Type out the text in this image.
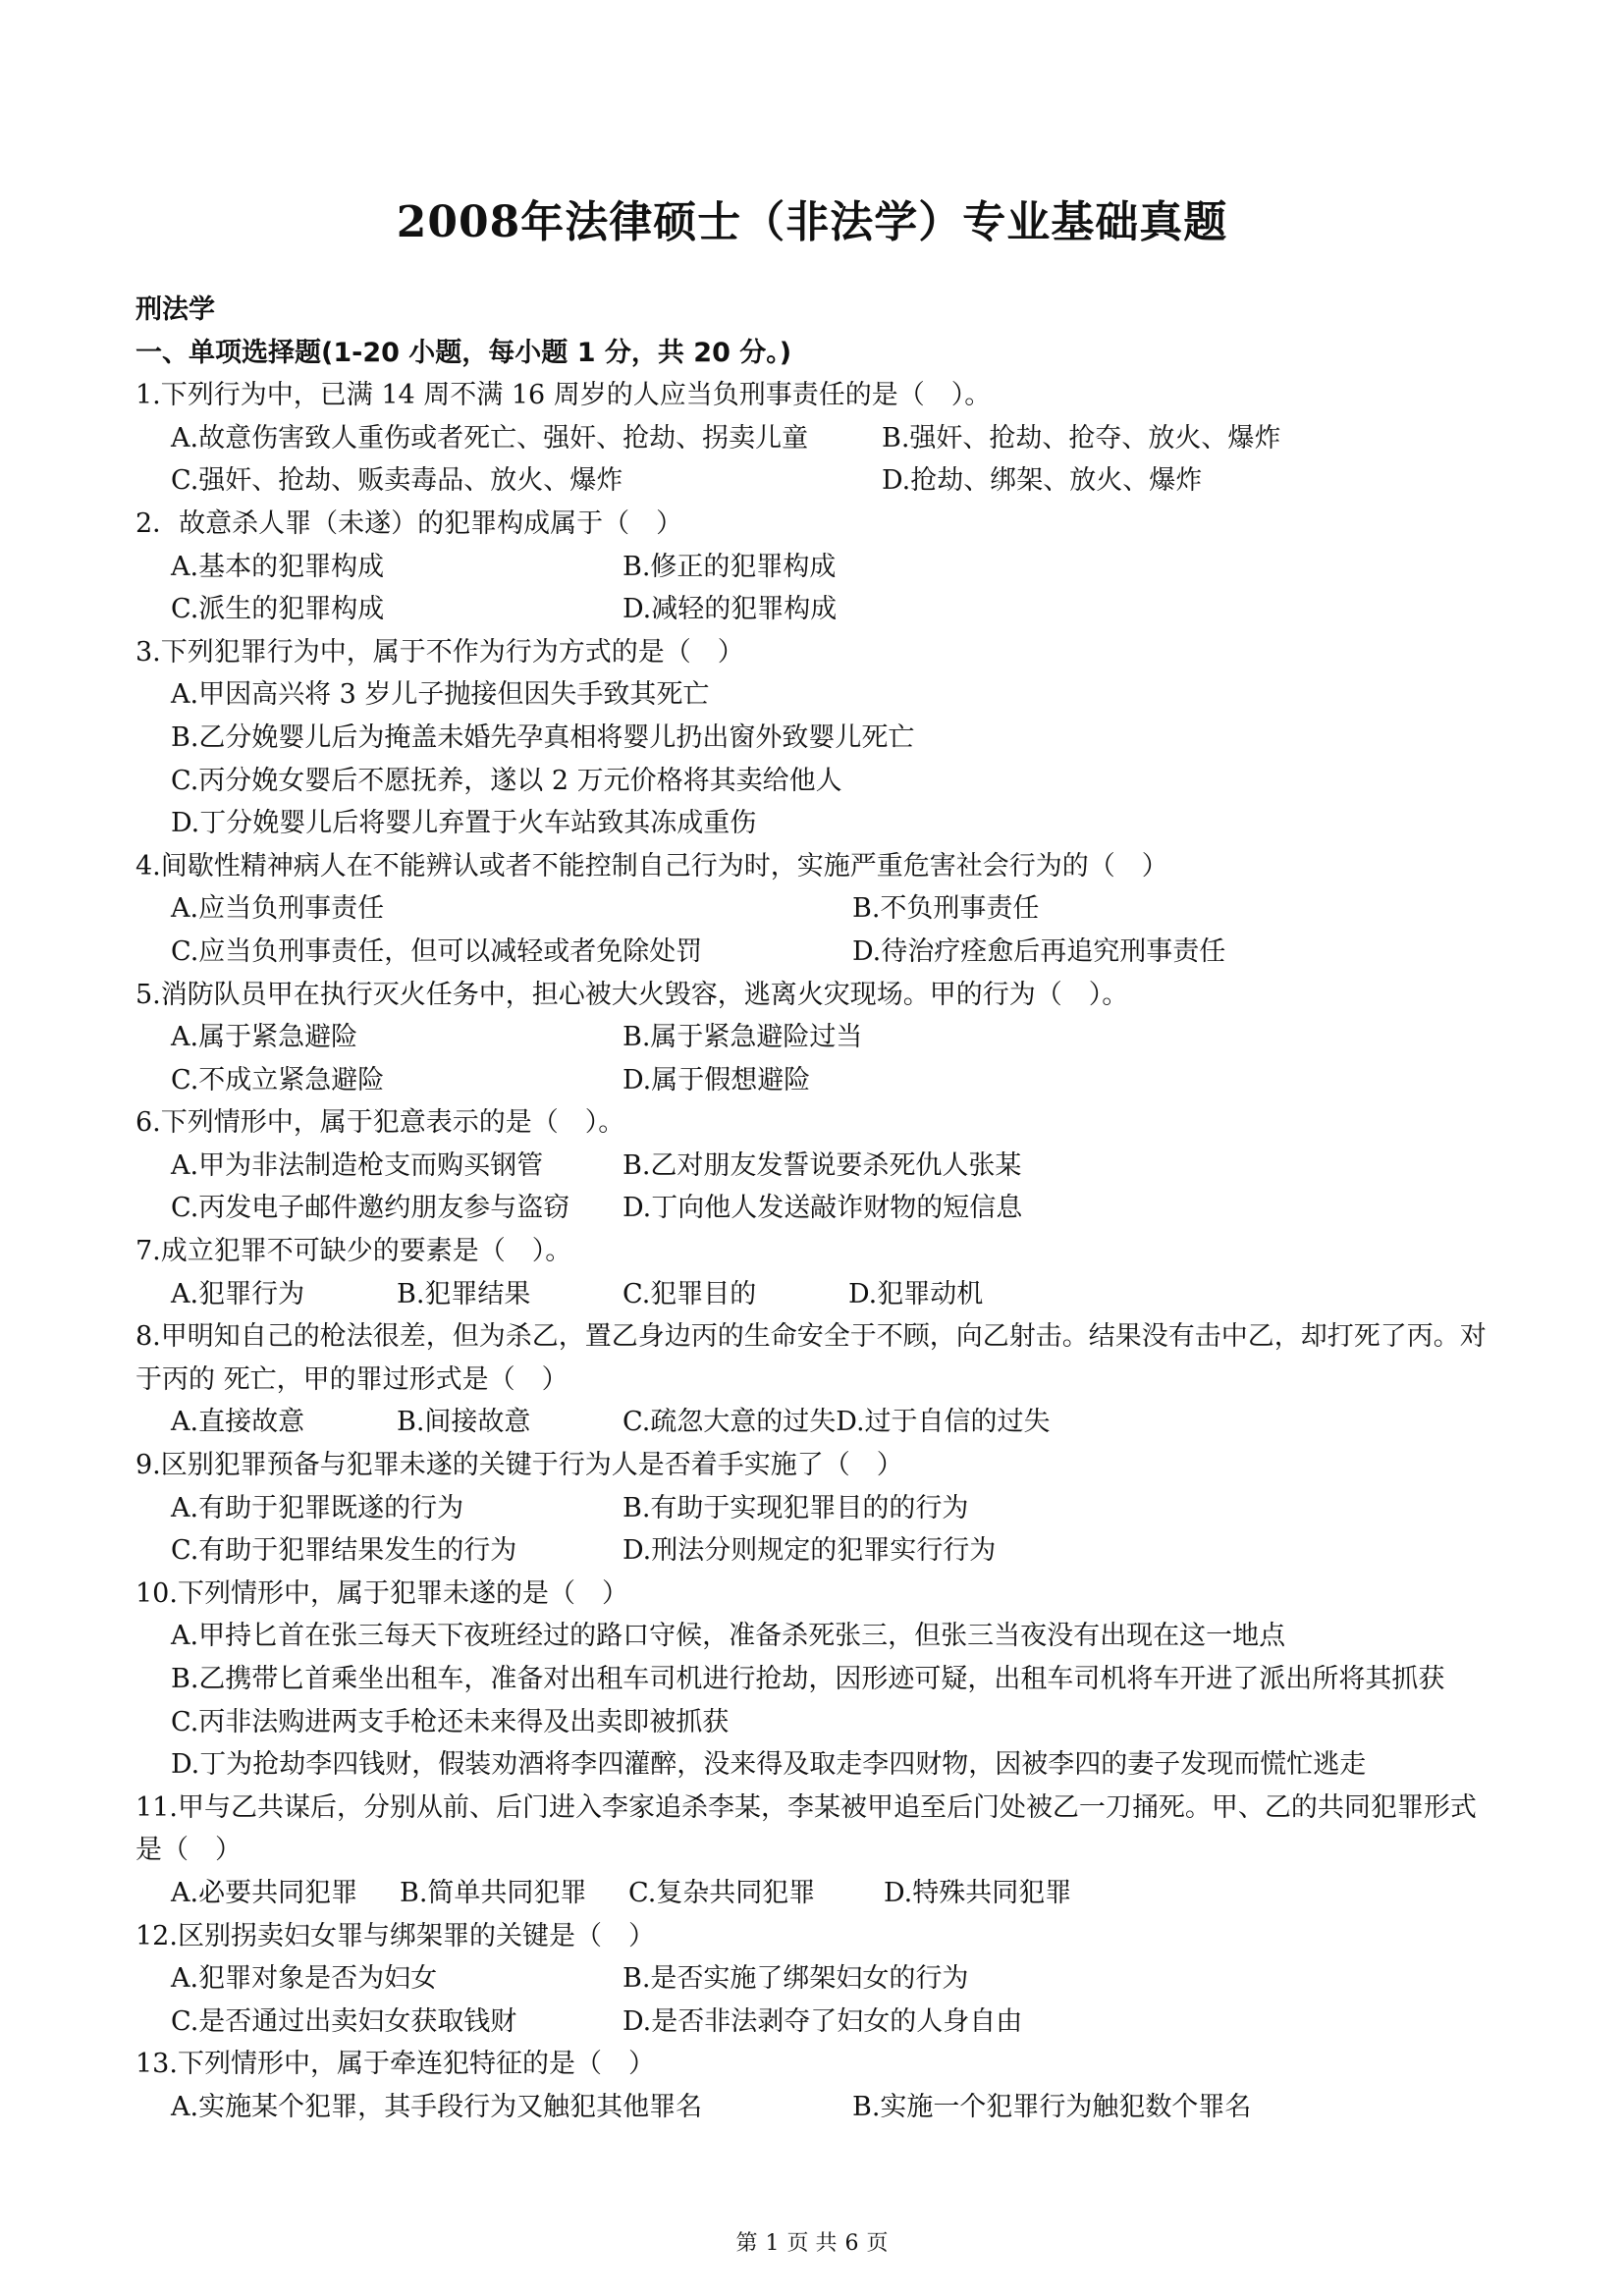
2008年法律硕士（非法学）专业基础真题
刑法学
一、单项选择题(1-20 小题，每小题 1 分，共 20 分。)
1.下列行为中，已满 14 周不满 16 周岁的人应当负刑事责任的是（　）。
A.故意伤害致人重伤或者死亡、强奸、抢劫、拐卖儿童	B.强奸、抢劫、抢夺、放火、爆炸
C.强奸、抢劫、贩卖毒品、放火、爆炸	D.抢劫、绑架、放火、爆炸
2．故意杀人罪（未遂）的犯罪构成属于（　）
A.基本的犯罪构成	B.修正的犯罪构成
C.派生的犯罪构成	D.减轻的犯罪构成
3.下列犯罪行为中，属于不作为行为方式的是（　）
A.甲因高兴将 3 岁儿子抛接但因失手致其死亡
B.乙分娩婴儿后为掩盖未婚先孕真相将婴儿扔出窗外致婴儿死亡
C.丙分娩女婴后不愿抚养，遂以 2 万元价格将其卖给他人
D.丁分娩婴儿后将婴儿弃置于火车站致其冻成重伤
4.间歇性精神病人在不能辨认或者不能控制自己行为时，实施严重危害社会行为的（　）
A.应当负刑事责任	B.不负刑事责任
C.应当负刑事责任，但可以减轻或者免除处罚	D.待治疗痊愈后再追究刑事责任
5.消防队员甲在执行灭火任务中，担心被大火毁容，逃离火灾现场。甲的行为（　）。
A.属于紧急避险	B.属于紧急避险过当
C.不成立紧急避险	D.属于假想避险
6.下列情形中，属于犯意表示的是（　）。
A.甲为非法制造枪支而购买钢管	B.乙对朋友发誓说要杀死仇人张某
C.丙发电子邮件邀约朋友参与盗窃	D.丁向他人发送敲诈财物的短信息
7.成立犯罪不可缺少的要素是（　）。
A.犯罪行为	B.犯罪结果	C.犯罪目的	D.犯罪动机
8.甲明知自己的枪法很差，但为杀乙，置乙身边丙的生命安全于不顾，向乙射击。结果没有击中乙，却打死了丙。对于丙的 死亡，甲的罪过形式是（　）
A.直接故意	B.间接故意	C.疏忽大意的过失 D.过于自信的过失
9.区别犯罪预备与犯罪未遂的关键于行为人是否着手实施了（　）
A.有助于犯罪既遂的行为	B.有助于实现犯罪目的的行为
C.有助于犯罪结果发生的行为	D.刑法分则规定的犯罪实行行为
10.下列情形中，属于犯罪未遂的是（　）
A.甲持匕首在张三每天下夜班经过的路口守候，准备杀死张三，但张三当夜没有出现在这一地点
B.乙携带匕首乘坐出租车，准备对出租车司机进行抢劫，因形迹可疑，出租车司机将车开进了派出所将其抓获
C.丙非法购进两支手枪还未来得及出卖即被抓获
D.丁为抢劫李四钱财，假装劝酒将李四灌醉，没来得及取走李四财物，因被李四的妻子发现而慌忙逃走
11.甲与乙共谋后，分别从前、后门进入李家追杀李某，李某被甲追至后门处被乙一刀捅死。甲、乙的共同犯罪形式是（　）
A.必要共同犯罪	B.简单共同犯罪	C.复杂共同犯罪	D.特殊共同犯罪
12.区别拐卖妇女罪与绑架罪的关键是（　）
A.犯罪对象是否为妇女	B.是否实施了绑架妇女的行为
C.是否通过出卖妇女获取钱财	D.是否非法剥夺了妇女的人身自由
13.下列情形中，属于牵连犯特征的是（　）
A.实施某个犯罪，其手段行为又触犯其他罪名	B.实施一个犯罪行为触犯数个罪名
第 1 页 共 6 页
